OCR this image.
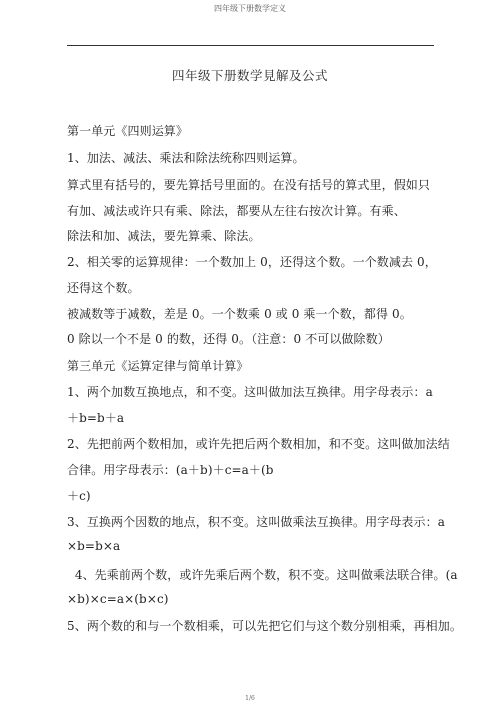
四年级下册数学定义
四年级下册数学見解及公式
第一单元《四则运算》
1、加法、减法、乘法和除法统称四则运算。
算式里有括号的，要先算括号里面的。在没有括号的算式里，假如只
有加、减法或许只有乘、除法，都要从左往右按次计算。有乘、
除法和加、减法，要先算乘、除法。
2、相关零的运算规律：一个数加上 0，还得这个数。一个数减去 0，
还得这个数。
被减数等于减数，差是 0。一个数乘 0 或 0 乘一个数，都得 0。
0 除以一个不是 0 的数，还得 0。（注意：0 不可以做除数）
第三单元《运算定律与简单计算》
1、两个加数互换地点，和不变。这叫做加法互换律。用字母表示：a
＋b=b＋a
2、先把前两个数相加，或许先把后两个数相加，和不变。这叫做加法结
合律。用字母表示：(a＋b)＋c=a＋(b
＋c)
3、互换两个因数的地点，积不变。这叫做乘法互换律。用字母表示：a
×b=b×a
4、先乘前两个数，或许先乘后两个数，积不变。这叫做乘法联合律。(a
×b)×c=a×(b×c)
5、两个数的和与一个数相乘，可以先把它们与这个数分别相乘，再相加。
1/6
